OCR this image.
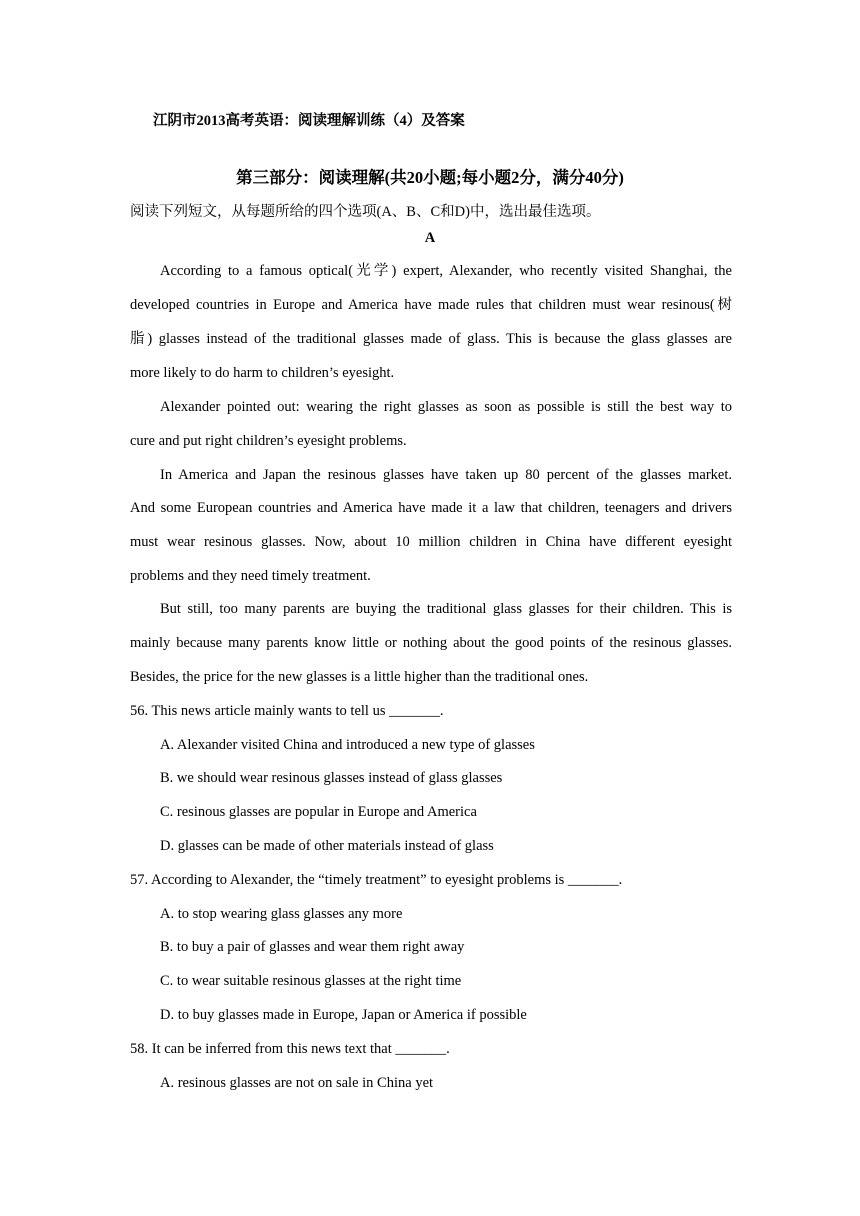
江阴市2013高考英语：阅读理解训练（4）及答案
第三部分：阅读理解(共20小题;每小题2分，满分40分)
阅读下列短文，从每题所给的四个选项(A、B、C和D)中，选出最佳选项。
A
According to a famous optical(光学) expert, Alexander, who recently visited Shanghai, the
developed countries in Europe and America have made rules that children must wear resinous(树
脂) glasses instead of the traditional glasses made of glass. This is because the glass glasses are
more likely to do harm to children’s eyesight.
Alexander pointed out: wearing the right glasses as soon as possible is still the best way to
cure and put right children’s eyesight problems.
In America and Japan the resinous glasses have taken up 80 percent of the glasses market.
And some European countries and America have made it a law that children, teenagers and drivers
must wear resinous glasses. Now, about 10 million children in China have different eyesight
problems and they need timely treatment.
But still, too many parents are buying the traditional glass glasses for their children. This is
mainly because many parents know little or nothing about the good points of the resinous glasses.
Besides, the price for the new glasses is a little higher than the traditional ones.
56. This news article mainly wants to tell us _______.
A. Alexander visited China and introduced a new type of glasses
B. we should wear resinous glasses instead of glass glasses
C. resinous glasses are popular in Europe and America
D. glasses can be made of other materials instead of glass
57. According to Alexander, the “timely treatment” to eyesight problems is _______.
A. to stop wearing glass glasses any more
B. to buy a pair of glasses and wear them right away
C. to wear suitable resinous glasses at the right time
D. to buy glasses made in Europe, Japan or America if possible
58. It can be inferred from this news text that _______.
A. resinous glasses are not on sale in China yet
